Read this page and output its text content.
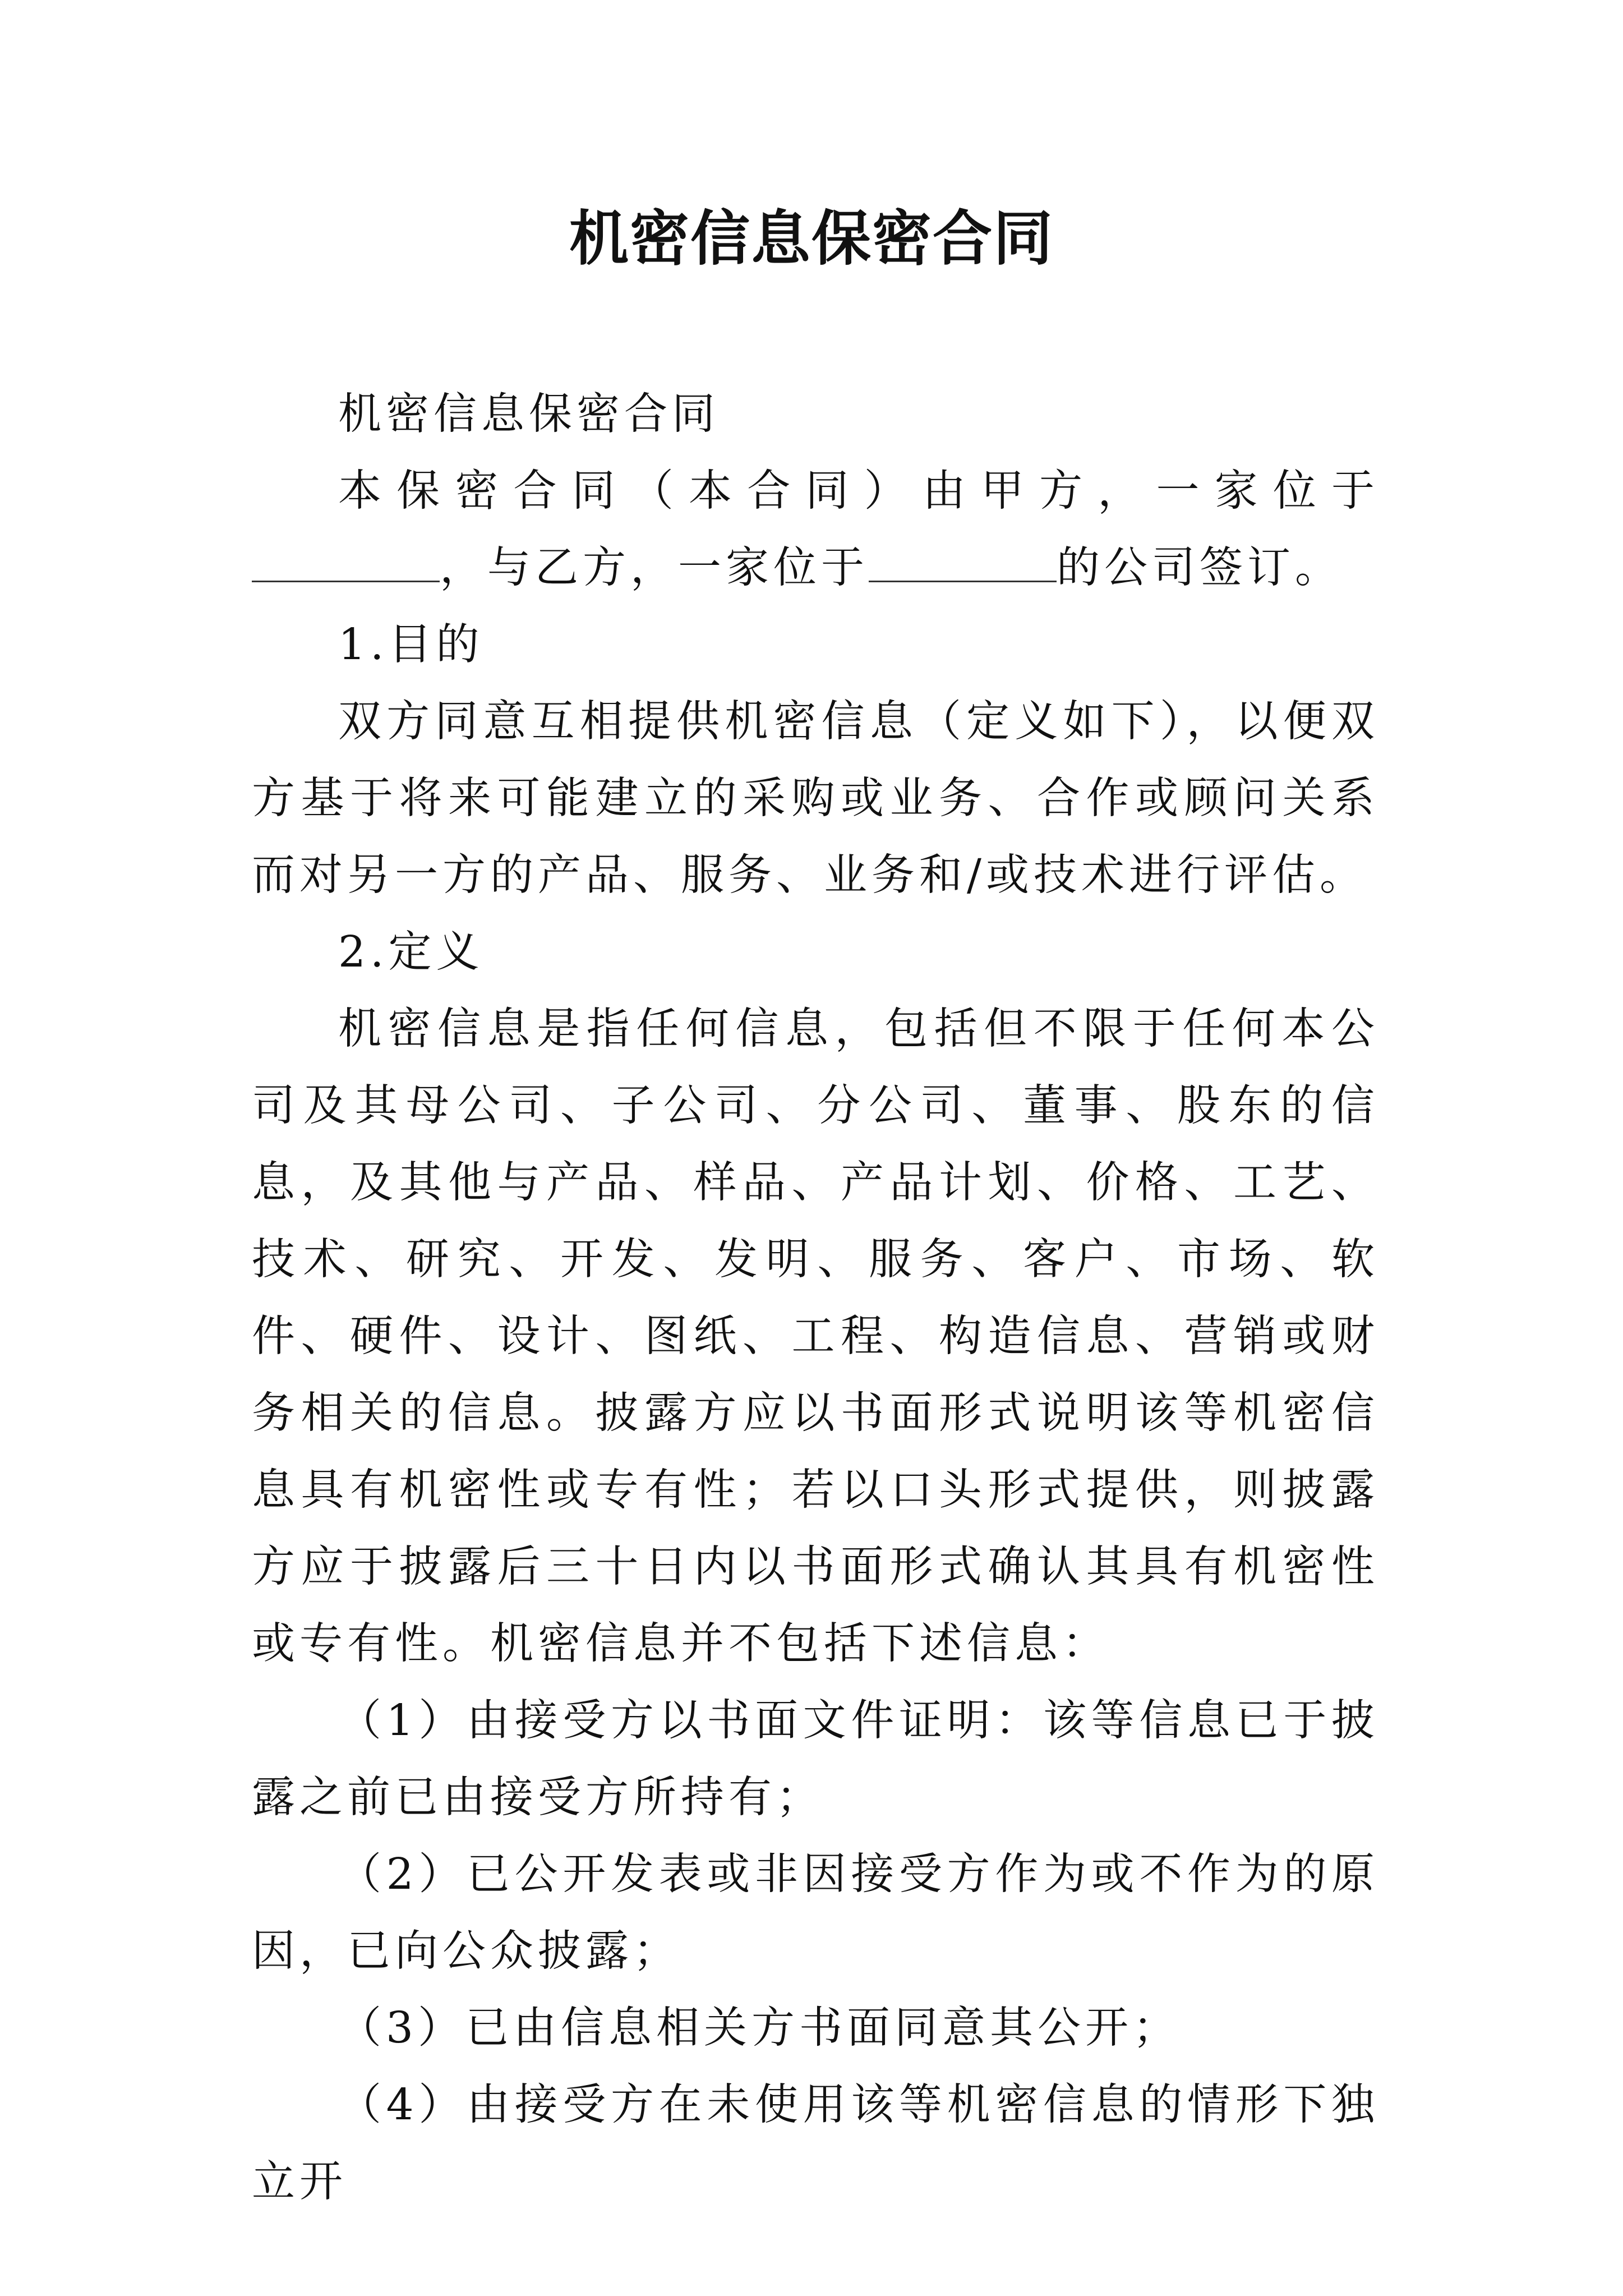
机密信息保密合同

机密信息保密合同

本保密合同（本合同）由甲方，一家位于，与乙方，一家位于	的公司签订。

1.目的

双方同意互相提供机密信息（定义如下），以便双方基于将来可能建立的采购或业务、合作或顾问关系而对另一方的产品、服务、业务和/或技术进行评估。

2.定义

机密信息是指任何信息，包括但不限于任何本公司及其母公司、子公司、分公司、董事、股东的信息，及其他与产品、样品、产品计划、价格、工艺、技术、研究、开发、发明、服务、客户、市场、软件、硬件、设计、图纸、工程、构造信息、营销或财务相关的信息。披露方应以书面形式说明该等机密信息具有机密性或专有性；若以口头形式提供，则披露方应于披露后三十日内以书面形式确认其具有机密性或专有性。机密信息并不包括下述信息：

（1）由接受方以书面文件证明：该等信息已于披露之前已由接受方所持有；

（2）已公开发表或非因接受方作为或不作为的原因，已向公众披露；

（3）已由信息相关方书面同意其公开；

（4）由接受方在未使用该等机密信息的情形下独立开
